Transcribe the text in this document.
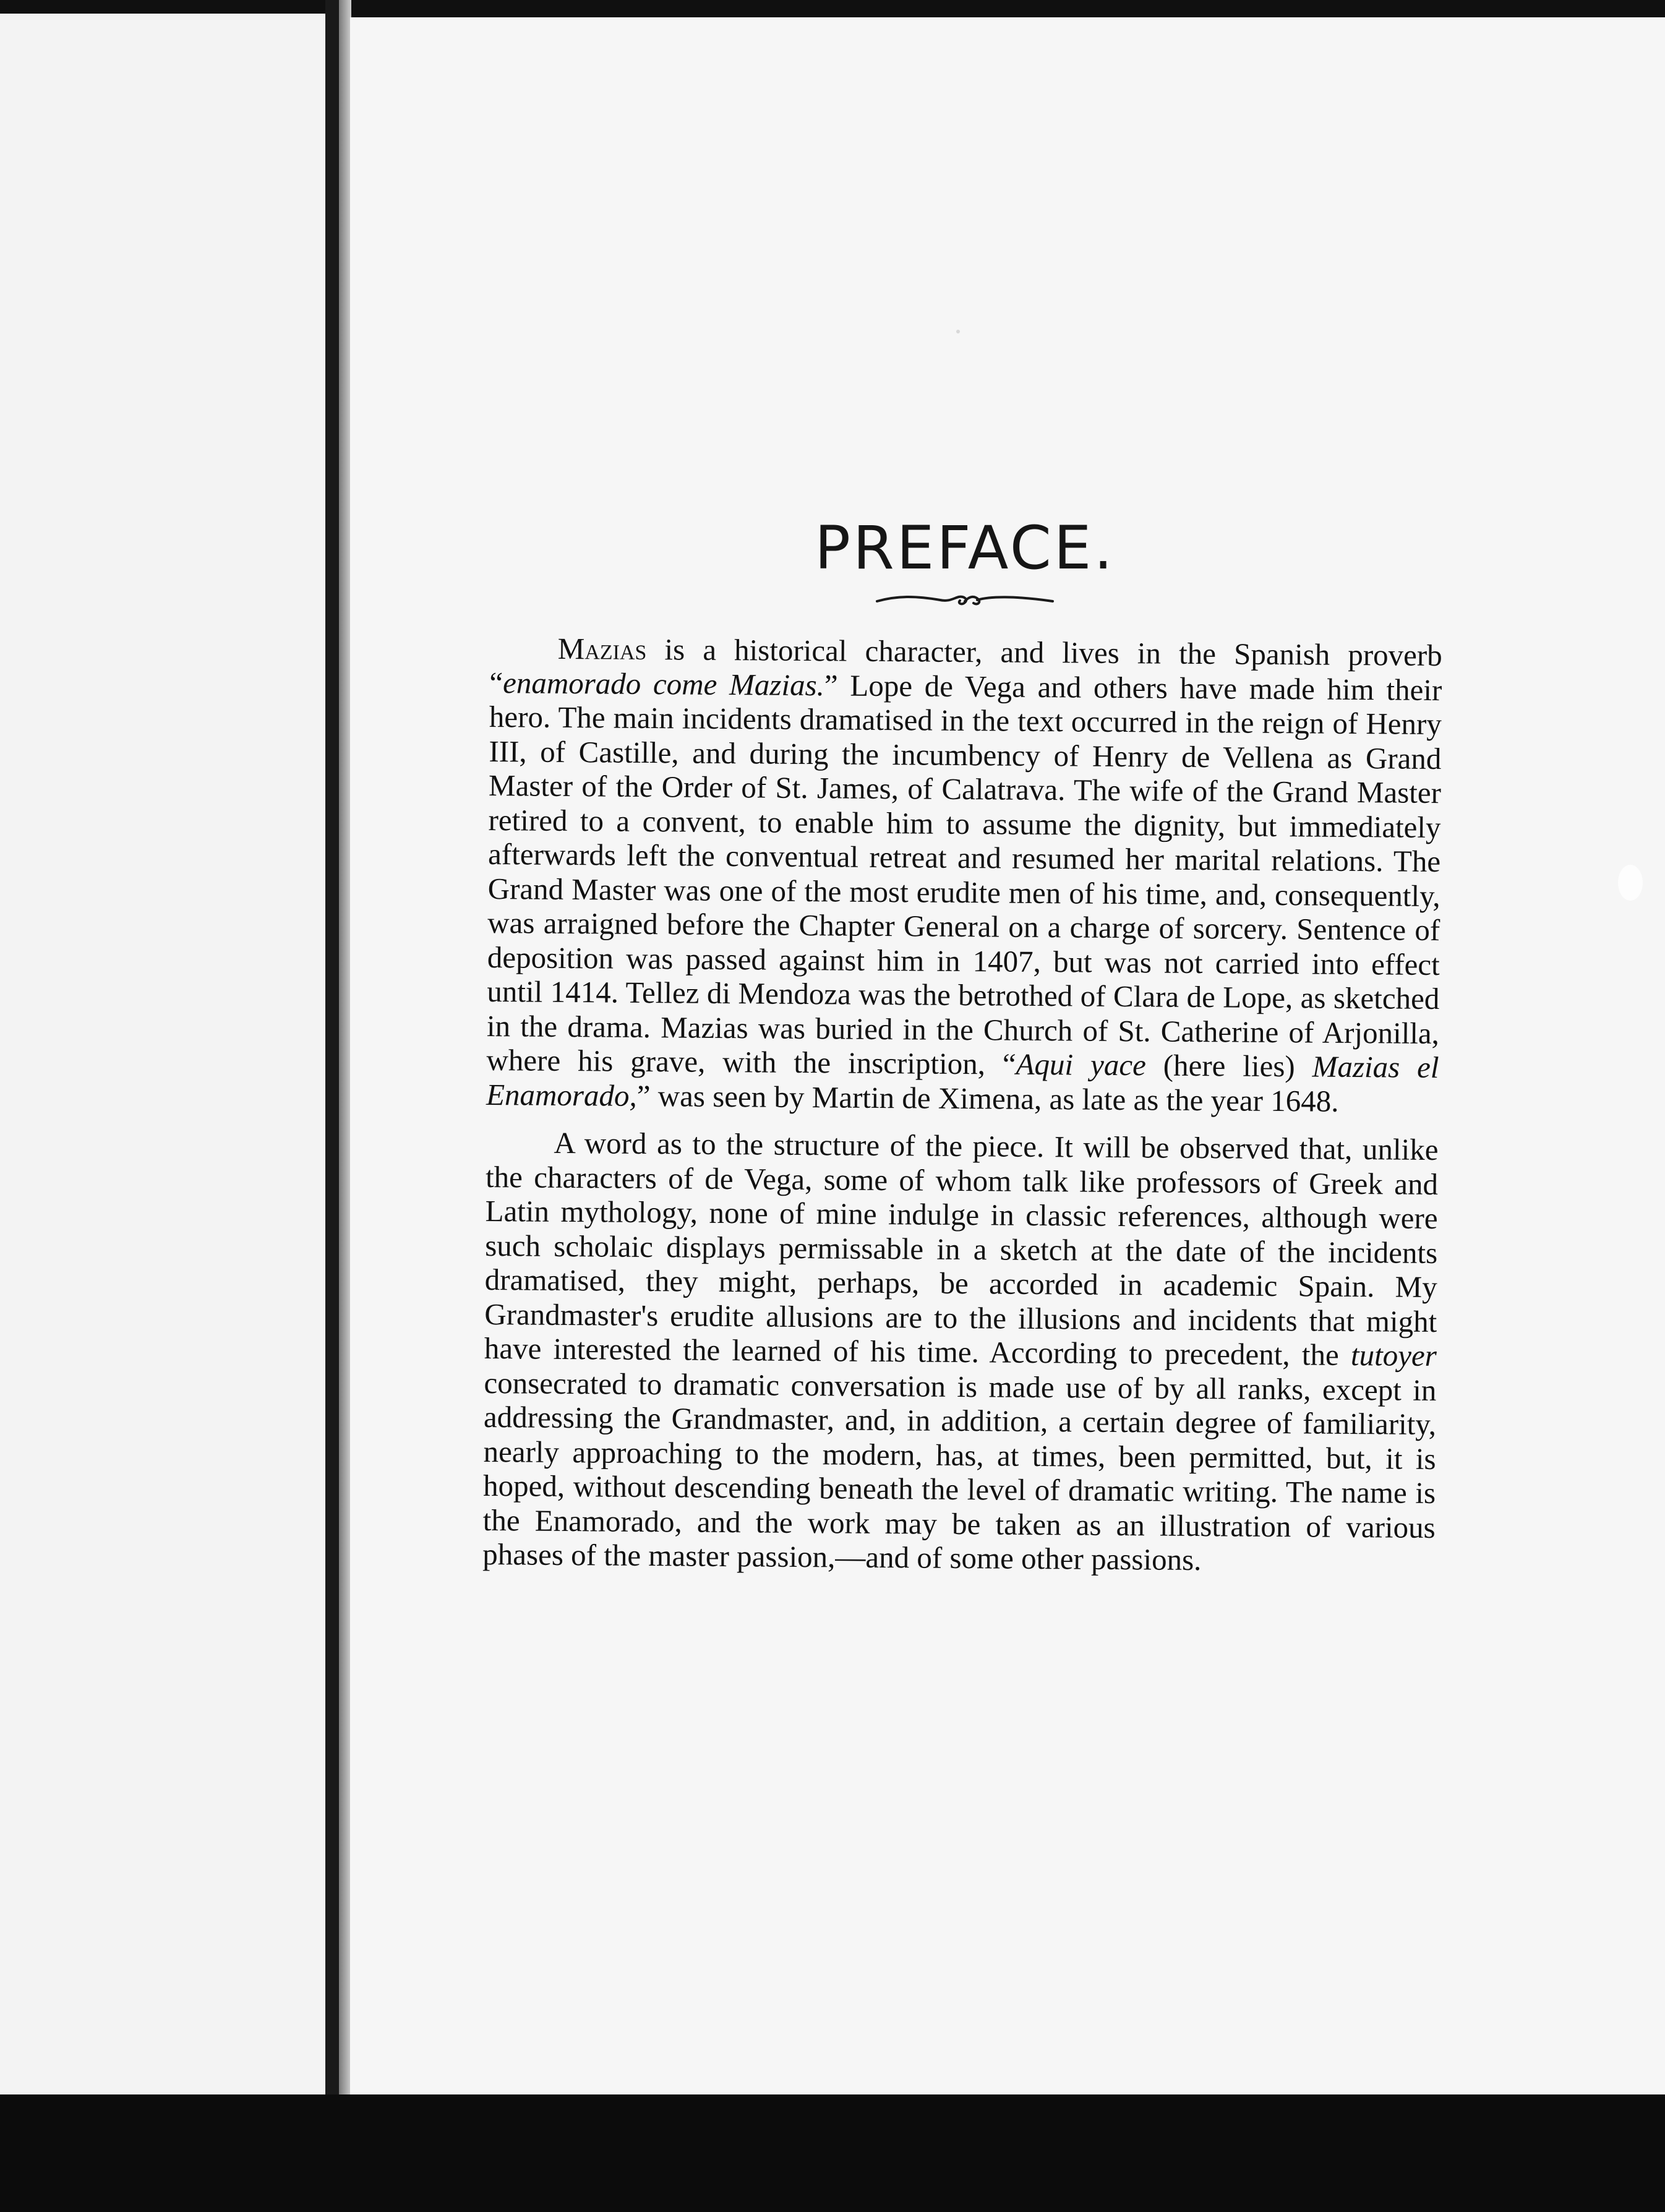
PREFACE.

Mazias is a historical character, and lives in the Spanish proverb “enamorado come Mazias.” Lope de Vega and others have made him their hero. The main incidents dramatised in the text occurred in the reign of Henry III, of Castille, and during the incumbency of Henry de Vellena as Grand Master of the Order of St. James, of Calatrava. The wife of the Grand Master retired to a convent, to enable him to assume the dignity, but immediately afterwards left the conventual retreat and resumed her marital relations. The Grand Master was one of the most erudite men of his time, and, consequently, was arraigned before the Chapter General on a charge of sorcery. Sentence of deposition was passed against him in 1407, but was not carried into effect until 1414. Tellez di Mendoza was the betrothed of Clara de Lope, as sketched in the drama. Mazias was buried in the Church of St. Catherine of Arjonilla, where his grave, with the inscription, “Aqui yace (here lies) Mazias el Enamorado,” was seen by Martin de Ximena, as late as the year 1648.

A word as to the structure of the piece. It will be observed that, unlike the characters of de Vega, some of whom talk like professors of Greek and Latin mythology, none of mine indulge in classic references, although were such scholaic displays permissable in a sketch at the date of the incidents dramatised, they might, perhaps, be accorded in academic Spain. My Grandmaster's erudite allusions are to the illusions and incidents that might have interested the learned of his time. According to precedent, the tutoyer consecrated to dramatic conversation is made use of by all ranks, except in addressing the Grandmaster, and, in addition, a certain degree of familiarity, nearly approaching to the modern, has, at times, been permitted, but, it is hoped, without descending beneath the level of dramatic writing. The name is the Enamorado, and the work may be taken as an illustration of various phases of the master passion,—and of some other passions.
